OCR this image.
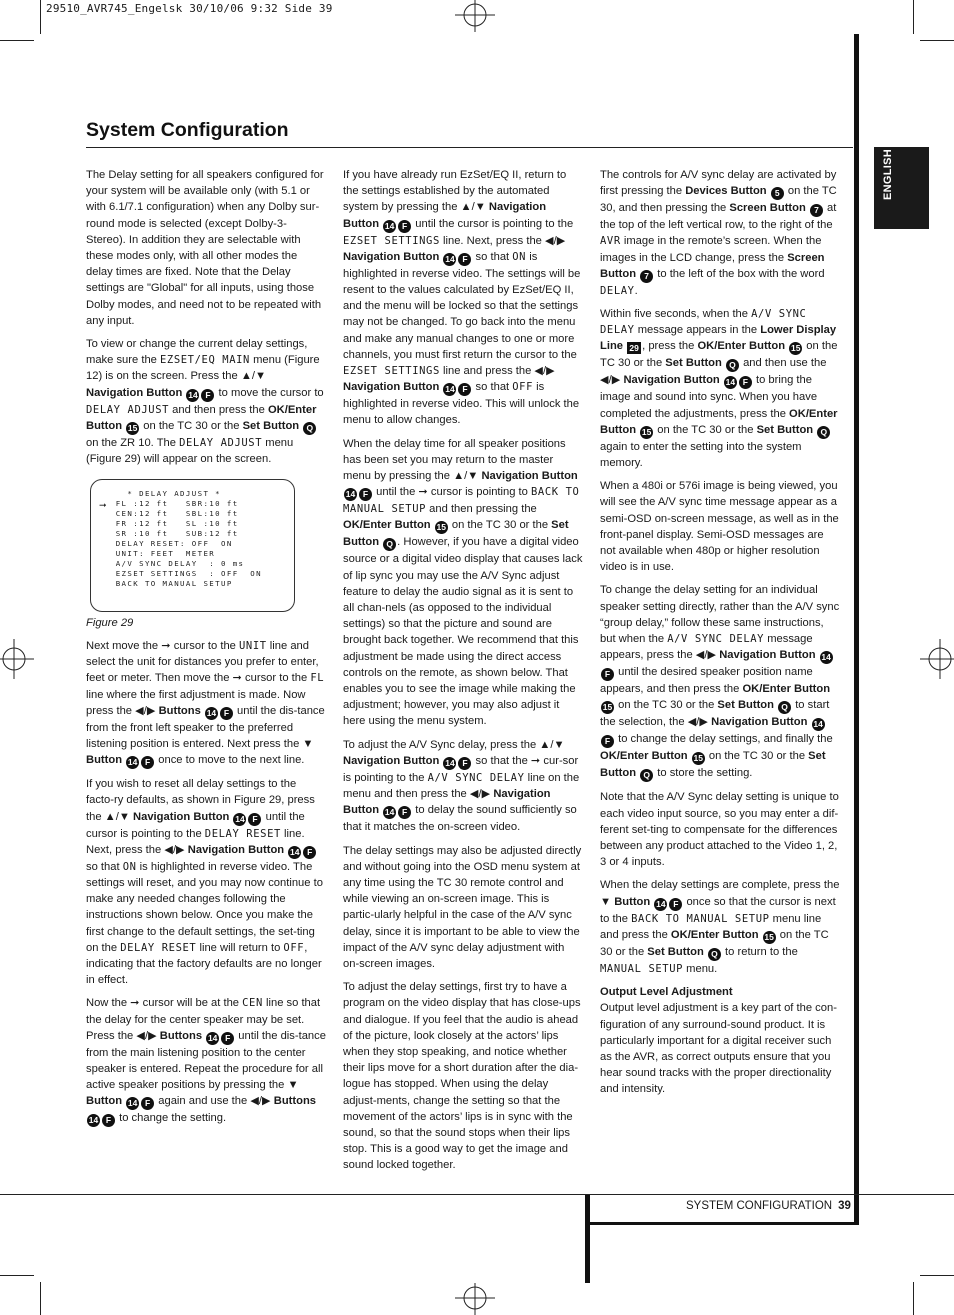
29510_AVR745_Engelsk 30/10/06 9:32 Side 39
System Configuration
ENGLISH

The Delay setting for all speakers configured for your system will be available only (with 5.1 or with 6.1/7.1 configuration) when any Dolby sur-round mode is selected (except Dolby-3-Stereo). In addition they are selectable with these modes only, with all other modes the delay times are fixed. Note that the Delay settings are "Global" for all inputs, using those Dolby modes, and need not to be repeated with any input.

To view or change the current delay settings, make sure the EZSET/EQ MAIN menu (Figure 12) is on the screen. Press the ▲/▼ Navigation Button 14 F to move the cursor to DELAY ADJUST and then press the OK/Enter Button 15 on the TC 30 or the Set Button Q on the ZR 10. The DELAY ADJUST menu (Figure 29) will appear on the screen.

➞
* DELAY ADJUST *
FL :12 ft   SBR:10 ft
CEN:12 ft   SBL:10 ft
FR :12 ft   SL :10 ft
SR :10 ft   SUB:12 ft
DELAY RESET: OFF  ON
UNIT: FEET  METER
A/V SYNC DELAY  : 0 ms
EZSET SETTINGS  : OFF  ON
BACK TO MANUAL SETUP
Figure 29

Next move the ➞ cursor to the UNIT line and select the unit for distances you prefer to enter, feet or meter. Then move the ➞ cursor to the FL line where the first adjustment is made. Now press the ◀/▶ Buttons 14 F until the dis-tance from the front left speaker to the preferred listening position is entered. Next press the ▼ Button 14 F once to move to the next line.

If you wish to reset all delay settings to the facto-ry defaults, as shown in Figure 29, press the ▲/▼ Navigation Button 14 F until the cursor is pointing to the DELAY RESET line. Next, press the ◀/▶ Navigation Button 14 F so that ON is highlighted in reverse video. The settings will reset, and you may now continue to make any needed changes following the instructions shown below. Once you make the first change to the default settings, the set-ting on the DELAY RESET line will return to OFF, indicating that the factory defaults are no longer in effect.

Now the ➞ cursor will be at the CEN line so that the delay for the center speaker may be set. Press the ◀/▶ Buttons 14 F until the dis-tance from the main listening position to the center speaker is entered. Repeat the procedure for all active speaker positions by pressing the ▼ Button 14 F again and use the ◀/▶ Buttons 14 F to change the setting.

If you have already run EzSet/EQ II, return to the settings established by the automated system by pressing the ▲/▼ Navigation Button 14 F until the cursor is pointing to the EZSET SETTINGS line. Next, press the ◀/▶ Navigation Button 14 F so that ON is highlighted in reverse video. The settings will be resent to the values calculated by EzSet/EQ II, and the menu will be locked so that the settings may not be changed. To go back into the menu and make any manual changes to one or more channels, you must first return the cursor to the EZSET SETTINGS line and press the ◀/▶ Navigation Button 14 F so that OFF is highlighted in reverse video. This will unlock the menu to allow changes.

When the delay time for all speaker positions has been set you may return to the master menu by pressing the ▲/▼ Navigation Button 14 F until the ➞ cursor is pointing to BACK TO MANUAL SETUP and then pressing the OK/Enter Button 15 on the TC 30 or the Set Button Q . However, if you have a digital video source or a digital video display that causes lack of lip sync you may use the A/V Sync adjust feature to delay the audio signal as it is sent to all chan-nels (as opposed to the individual settings) so that the picture and sound are brought back together. We recommend that this adjustment be made using the direct access controls on the remote, as shown below. That enables you to see the image while making the adjustment; however, you may also adjust it here using the menu system.

To adjust the A/V Sync delay, press the ▲/▼ Navigation Button 14 F so that the ➞ cur-sor is pointing to the A/V SYNC DELAY line on the menu and then press the ◀/▶ Navigation Button 14 F to delay the sound sufficiently so that it matches the on-screen video.

The delay settings may also be adjusted directly and without going into the OSD menu system at any time using the TC 30 remote control and while viewing an on-screen image. This is partic-ularly helpful in the case of the A/V sync delay, since it is important to be able to view the impact of the A/V sync delay adjustment with on-screen images.

To adjust the delay settings, first try to have a program on the video display that has close-ups and dialogue. If you feel that the audio is ahead of the picture, look closely at the actors’ lips when they stop speaking, and notice whether their lips move for a short duration after the dia-logue has stopped. When using the delay adjust-ments, change the setting so that the movement of the actors’ lips is in sync with the sound, so that the sound stops when their lips stop. This is a good way to get the image and sound locked together.

The controls for A/V sync delay are activated by first pressing the Devices Button 5 on the TC 30, and then pressing the Screen Button 7 at the top of the left vertical row, to the right of the AVR image in the remote’s screen. When the images in the LCD change, press the Screen Button 7 to the left of the box with the word DELAY.

Within five seconds, when the A/V SYNC DELAY message appears in the Lower Display Line 29 , press the OK/Enter Button 15 on the TC 30 or the Set Button Q and then use the ◀/▶ Navigation Button 14 F to bring the image and sound into sync. When you have completed the adjustments, press the OK/Enter Button 15 on the TC 30 or the Set Button Q again to enter the setting into the system memory.

When a 480i or 576i image is being viewed, you will see the A/V sync time message appear as a semi-OSD on-screen message, as well as in the front-panel display. Semi-OSD messages are not available when 480p or higher resolution video is in use.

To change the delay setting for an individual speaker setting directly, rather than the A/V sync “group delay,” follow these same instructions, but when the A/V SYNC DELAY message appears, press the ◀/▶ Navigation Button 14F until the desired speaker position name appears, and then press the OK/Enter Button 15 on the TC 30 or the Set Button Q to start the selection, the ◀/▶ Navigation Button 14F to change the delay settings, and finally the OK/Enter Button 15 on the TC 30 or the Set Button Q to store the setting.

Note that the A/V Sync delay setting is unique to each video input source, so you may enter a dif-ferent set-ting to compensate for the differences between any product attached to the Video 1, 2, 3 or 4 inputs.

When the delay settings are complete, press the ▼ Button 14 F once so that the cursor is next to the BACK TO MANUAL SETUP menu line and press the OK/Enter Button 15 on the TC 30 or the Set Button Q to return to the MANUAL SETUP menu.

Output Level Adjustment

Output level adjustment is a key part of the con-figuration of any surround-sound product. It is particularly important for a digital receiver such as the AVR, as correct outputs ensure that you hear sound tracks with the proper directionality and intensity.

SYSTEM CONFIGURATION 39
